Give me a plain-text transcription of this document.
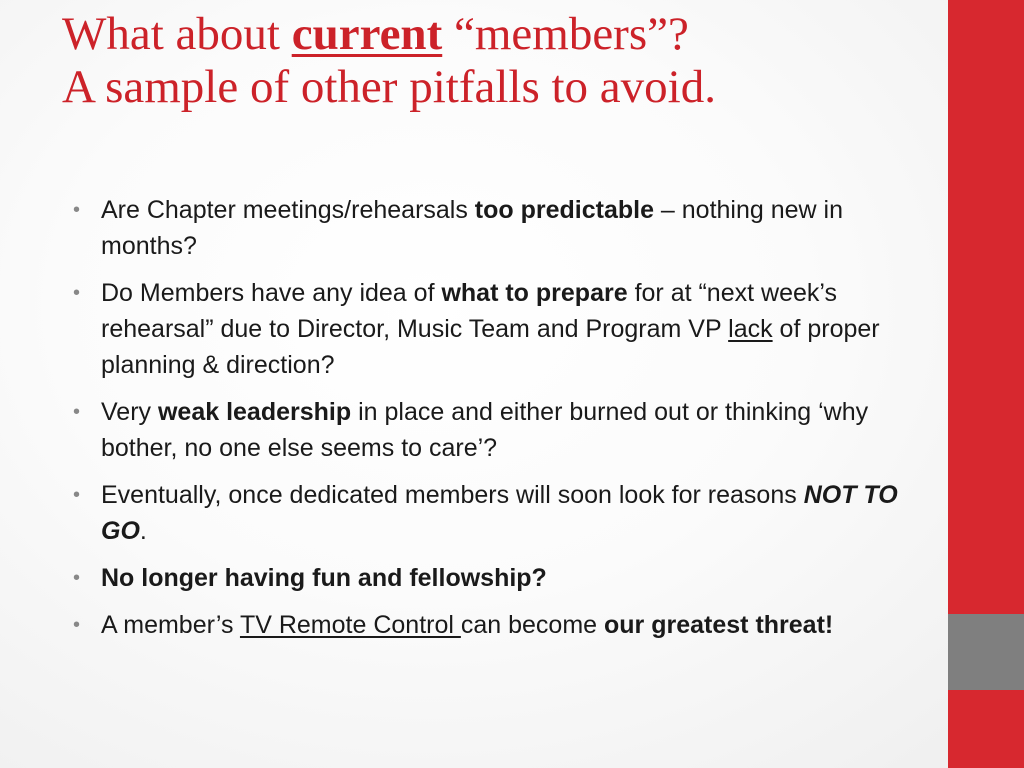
What about current “members”?
A sample of other pitfalls to avoid.
• Are Chapter meetings/rehearsals too predictable – nothing new in months?
• Do Members have any idea of what to prepare for at “next week’s rehearsal” due to Director, Music Team and Program VP lack of proper planning & direction?
• Very weak leadership in place and either burned out or thinking ‘why bother, no one else seems to care’?
• Eventually, once dedicated members will soon look for reasons NOT TO GO.
• No longer having fun and fellowship?
• A member’s TV Remote Control can become our greatest threat!
